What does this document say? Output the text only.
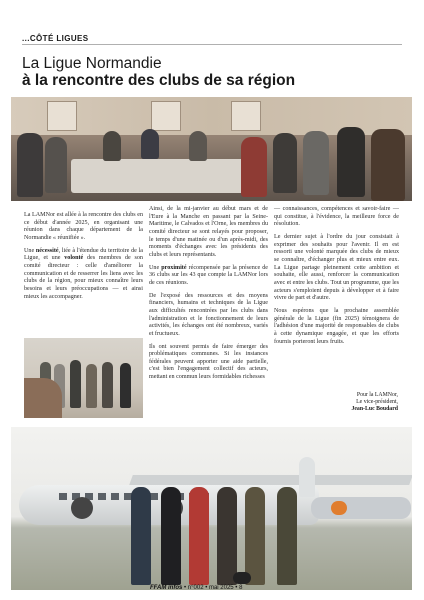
...CÔTÉ LIGUES
La Ligue Normandie
à la rencontre des clubs de sa région

La LAMNor est allée à la rencontre des clubs en ce début d'année 2025, en organisant une réunion dans chaque département de la Normandie « réunifiée ».

Une nécessité, liée à l'étendue du territoire de la Ligue, et une volonté des membres de son comité directeur : celle d'améliorer la communication et de resserrer les liens avec les clubs de la région, pour mieux connaître leurs besoins et leurs préoccupations — et ainsi mieux les accompagner.

Ainsi, de la mi-janvier au début mars et de l'Eure à la Manche en passant par la Seine-Maritime, le Calvados et l'Orne, les membres du comité directeur se sont relayés pour proposer, le temps d'une matinée ou d'un après-midi, des moments d'échanges avec les présidents des clubs et leurs représentants.

Une proximité récompensée par la présence de 36 clubs sur les 43 que compte la LAMNor lors de ces réunions.

De l'exposé des ressources et des moyens financiers, humains et techniques de la Ligue aux difficultés rencontrées par les clubs dans l'administration et le fonctionnement de leurs activités, les échanges ont été nombreux, variés et fructueux.

Ils ont souvent permis de faire émerger des problématiques communes. Si les instances fédérales peuvent apporter une aide partielle, c'est bien l'engagement collectif des acteurs, mettant en commun leurs formidables richesses

— connaissances, compétences et savoir-faire — qui constitue, à l'évidence, la meilleure force de résolution.

Le dernier sujet à l'ordre du jour consistait à exprimer des souhaits pour l'avenir. Il en est ressorti une volonté marquée des clubs de mieux se connaître, d'échanger plus et mieux entre eux. La Ligue partage pleinement cette ambition et souhaite, elle aussi, renforcer la communication avec et entre les clubs. Tout un programme, que les acteurs s'emploient depuis à développer et à faire vivre de part et d'autre.

Nous espérons que la prochaine assemblée générale de la Ligue (fin 2025) témoignera de l'adhésion d'une majorité de responsables de clubs à cette dynamique engagée, et que les efforts fournis porteront leurs fruits.

Pour la LAMNor,
Le vice-président,
Jean-Luc Boudard
FFAM infos • n°002 • mai 2025 • 8
